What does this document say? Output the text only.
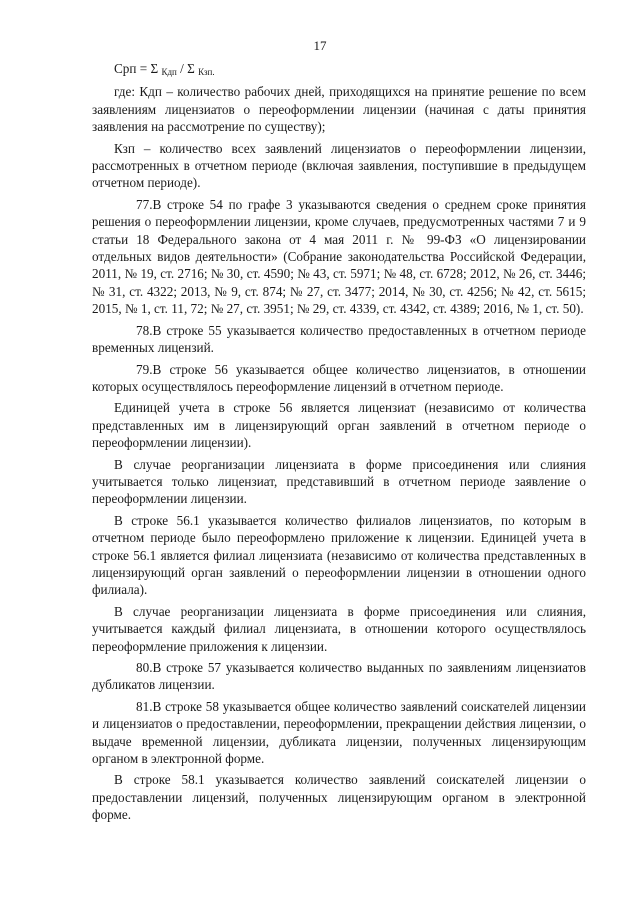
17

Cрп = Σ $_{Кдп}$ / Σ $_{Кзп.}$

где: Кдп – количество рабочих дней, приходящихся на принятие решение по всем заявлениям лицензиатов о переоформлении лицензии (начиная с даты принятия заявления на рассмотрение по существу);

Кзп – количество всех заявлений лицензиатов о переоформлении лицензии, рассмотренных в отчетном периоде (включая заявления, поступившие в предыдущем отчетном периоде).

77.В строке 54 по графе 3 указываются сведения о среднем сроке принятия решения о переоформлении лицензии, кроме случаев, предусмотренных частями 7 и 9 статьи 18 Федерального закона от 4 мая 2011 г. № 99-ФЗ «О лицензировании отдельных видов деятельности» (Собрание законодательства Российской Федерации, 2011, № 19, ст. 2716; № 30, ст. 4590; № 43, ст. 5971; № 48, ст. 6728; 2012, № 26, ст. 3446; № 31, ст. 4322; 2013, № 9, ст. 874; № 27, ст. 3477; 2014, № 30, ст. 4256; № 42, ст. 5615; 2015, № 1, ст. 11, 72; № 27, ст. 3951; № 29, ст. 4339, ст. 4342, ст. 4389; 2016, № 1, ст. 50).

78.В строке 55 указывается количество предоставленных в отчетном периоде временных лицензий.

79.В строке 56 указывается общее количество лицензиатов, в отношении которых осуществлялось переоформление лицензий в отчетном периоде.

Единицей учета в строке 56 является лицензиат (независимо от количества представленных им в лицензирующий орган заявлений в отчетном периоде о переоформлении лицензии).

В случае реорганизации лицензиата в форме присоединения или слияния учитывается только лицензиат, представивший в отчетном периоде заявление о переоформлении лицензии.

В строке 56.1 указывается количество филиалов лицензиатов, по которым в отчетном периоде было переоформлено приложение к лицензии. Единицей учета в строке 56.1 является филиал лицензиата (независимо от количества представленных в лицензирующий орган заявлений о переоформлении лицензии в отношении одного филиала).

В случае реорганизации лицензиата в форме присоединения или слияния, учитывается каждый филиал лицензиата, в отношении которого осуществлялось переоформление приложения к лицензии.

80.В строке 57 указывается количество выданных по заявлениям лицензиатов дубликатов лицензии.

81.В строке 58 указывается общее количество заявлений соискателей лицензии и лицензиатов о предоставлении, переоформлении, прекращении действия лицензии, о выдаче временной лицензии, дубликата лицензии, полученных лицензирующим органом в электронной форме.

В строке 58.1 указывается количество заявлений соискателей лицензии о предоставлении лицензий, полученных лицензирующим органом в электронной форме.
